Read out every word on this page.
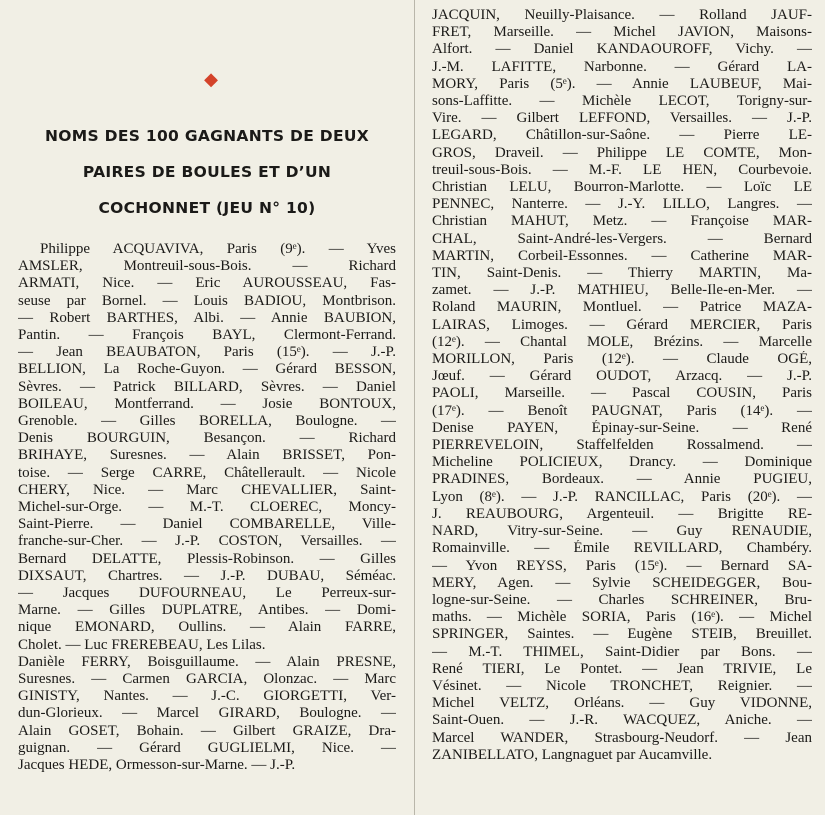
◆
NOMS DES 100 GAGNANTS DE DEUX
PAIRES DE BOULES ET D’UN
COCHONNET (JEU N° 10)
Philippe ACQUAVIVA, Paris (9ᵉ). — Yves
AMSLER, Montreuil-sous-Bois. — Richard
ARMATI, Nice. — Eric AUROUSSEAU, Fas-
seuse par Bornel. — Louis BADIOU, Montbrison.
— Robert BARTHES, Albi. — Annie BAUBION,
Pantin. — François BAYL, Clermont-Ferrand.
— Jean BEAUBATON, Paris (15ᵉ). — J.-P.
BELLION, La Roche-Guyon. — Gérard BESSON,
Sèvres. — Patrick BILLARD, Sèvres. — Daniel
BOILEAU, Montferrand. — Josie BONTOUX,
Grenoble. — Gilles BORELLA, Boulogne. —
Denis BOURGUIN, Besançon. — Richard
BRIHAYE, Suresnes. — Alain BRISSET, Pon-
toise. — Serge CARRE, Châtellerault. — Nicole
CHERY, Nice. — Marc CHEVALLIER, Saint-
Michel-sur-Orge. — M.-T. CLOEREC, Moncy-
Saint-Pierre. — Daniel COMBARELLE, Ville-
franche-sur-Cher. — J.-P. COSTON, Versailles. —
Bernard DELATTE, Plessis-Robinson. — Gilles
DIXSAUT, Chartres. — J.-P. DUBAU, Séméac.
— Jacques DUFOURNEAU, Le Perreux-sur-
Marne. — Gilles DUPLATRE, Antibes. — Domi-
nique EMONARD, Oullins. — Alain FARRE,
Cholet. — Luc FREREBEAU, Les Lilas.
Danièle FERRY, Boisguillaume. — Alain PRESNE,
Suresnes. — Carmen GARCIA, Olonzac. — Marc
GINISTY, Nantes. — J.-C. GIORGETTI, Ver-
dun-Glorieux. — Marcel GIRARD, Boulogne. —
Alain GOSET, Bohain. — Gilbert GRAIZE, Dra-
guignan. — Gérard GUGLIELMI, Nice. —
Jacques HEDE, Ormesson-sur-Marne. — J.-P.
JACQUIN, Neuilly-Plaisance. — Rolland JAUF-
FRET, Marseille. — Michel JAVION, Maisons-
Alfort. — Daniel KANDAOUROFF, Vichy. —
J.-M. LAFITTE, Narbonne. — Gérard LA-
MORY, Paris (5ᵉ). — Annie LAUBEUF, Mai-
sons-Laffitte. — Michèle LECOT, Torigny-sur-
Vire. — Gilbert LEFFOND, Versailles. — J.-P.
LEGARD, Châtillon-sur-Saône. — Pierre LE-
GROS, Draveil. — Philippe LE COMTE, Mon-
treuil-sous-Bois. — M.-F. LE HEN, Courbevoie.
Christian LELU, Bourron-Marlotte. — Loïc LE
PENNEC, Nanterre. — J.-Y. LILLO, Langres. —
Christian MAHUT, Metz. — Françoise MAR-
CHAL, Saint-André-les-Vergers. — Bernard
MARTIN, Corbeil-Essonnes. — Catherine MAR-
TIN, Saint-Denis. — Thierry MARTIN, Ma-
zamet. — J.-P. MATHIEU, Belle-Ile-en-Mer. —
Roland MAURIN, Montluel. — Patrice MAZA-
LAIRAS, Limoges. — Gérard MERCIER, Paris
(12ᵉ). — Chantal MOLE, Brézins. — Marcelle
MORILLON, Paris (12ᵉ). — Claude OGÉ,
Jœuf. — Gérard OUDOT, Arzacq. — J.-P.
PAOLI, Marseille. — Pascal COUSIN, Paris
(17ᵉ). — Benoît PAUGNAT, Paris (14ᵉ). —
Denise PAYEN, Épinay-sur-Seine. — René
PIERREVELOIN, Staffelfelden Rossalmend. —
Micheline POLICIEUX, Drancy. — Dominique
PRADINES, Bordeaux. — Annie PUGIEU,
Lyon (8ᵉ). — J.-P. RANCILLAC, Paris (20ᵉ). —
J. REAUBOURG, Argenteuil. — Brigitte RE-
NARD, Vitry-sur-Seine. — Guy RENAUDIE,
Romainville. — Émile REVILLARD, Chambéry.
— Yvon REYSS, Paris (15ᵉ). — Bernard SA-
MERY, Agen. — Sylvie SCHEIDEGGER, Bou-
logne-sur-Seine. — Charles SCHREINER, Bru-
maths. — Michèle SORIA, Paris (16ᵉ). — Michel
SPRINGER, Saintes. — Eugène STEIB, Breuillet.
— M.-T. THIMEL, Saint-Didier par Bons. —
René TIERI, Le Pontet. — Jean TRIVIE, Le
Vésinet. — Nicole TRONCHET, Reignier. —
Michel VELTZ, Orléans. — Guy VIDONNE,
Saint-Ouen. — J.-R. WACQUEZ, Aniche. —
Marcel WANDER, Strasbourg-Neudorf. — Jean
ZANIBELLATO, Langnaguet par Aucamville.
